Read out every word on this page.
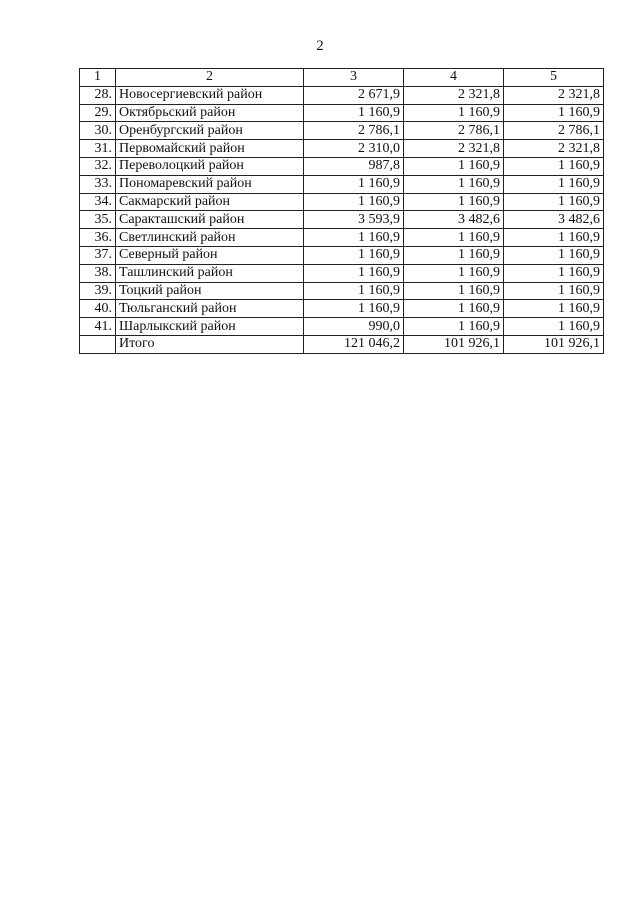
2
1	2	3	4	5
28.	Новосергиевский район	2 671,9	2 321,8	2 321,8
29.	Октябрьский район	1 160,9	1 160,9	1 160,9
30.	Оренбургский район	2 786,1	2 786,1	2 786,1
31.	Первомайский район	2 310,0	2 321,8	2 321,8
32.	Переволоцкий район	987,8	1 160,9	1 160,9
33.	Пономаревский район	1 160,9	1 160,9	1 160,9
34.	Сакмарский район	1 160,9	1 160,9	1 160,9
35.	Саракташский район	3 593,9	3 482,6	3 482,6
36.	Светлинский район	1 160,9	1 160,9	1 160,9
37.	Северный район	1 160,9	1 160,9	1 160,9
38.	Ташлинский район	1 160,9	1 160,9	1 160,9
39.	Тоцкий район	1 160,9	1 160,9	1 160,9
40.	Тюльганский район	1 160,9	1 160,9	1 160,9
41.	Шарлыкский район	990,0	1 160,9	1 160,9
	Итого	121 046,2	101 926,1	101 926,1
